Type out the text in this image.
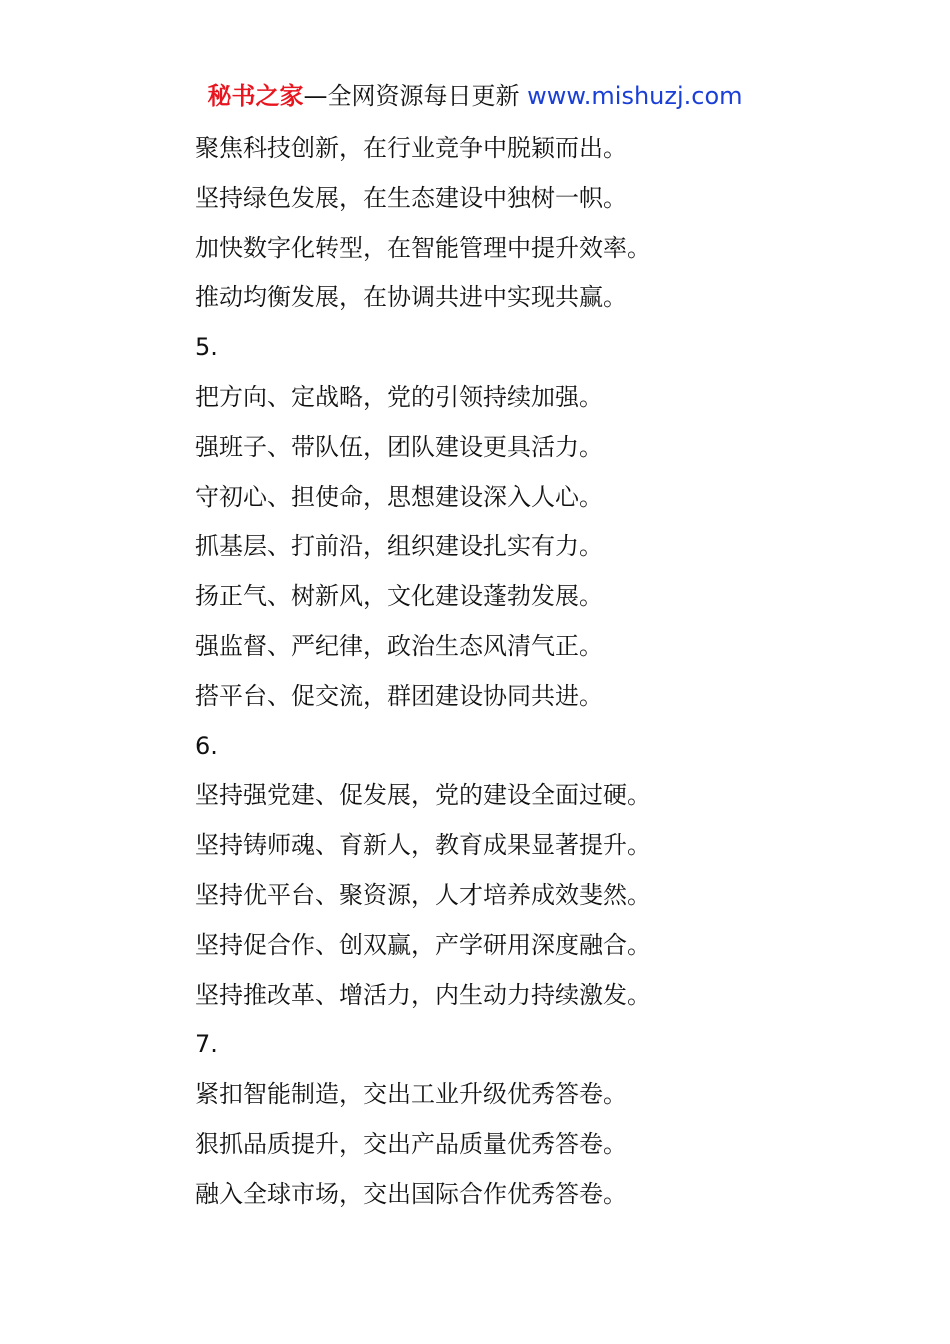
秘书之家—全网资源每日更新 www.mishuzj.com
聚焦科技创新，在行业竞争中脱颖而出。
坚持绿色发展，在生态建设中独树一帜。
加快数字化转型，在智能管理中提升效率。
推动均衡发展，在协调共进中实现共赢。
5.
把方向、定战略，党的引领持续加强。
强班子、带队伍，团队建设更具活力。
守初心、担使命，思想建设深入人心。
抓基层、打前沿，组织建设扎实有力。
扬正气、树新风，文化建设蓬勃发展。
强监督、严纪律，政治生态风清气正。
搭平台、促交流，群团建设协同共进。
6.
坚持强党建、促发展，党的建设全面过硬。
坚持铸师魂、育新人，教育成果显著提升。
坚持优平台、聚资源，人才培养成效斐然。
坚持促合作、创双赢，产学研用深度融合。
坚持推改革、增活力，内生动力持续激发。
7.
紧扣智能制造，交出工业升级优秀答卷。
狠抓品质提升，交出产品质量优秀答卷。
融入全球市场，交出国际合作优秀答卷。
